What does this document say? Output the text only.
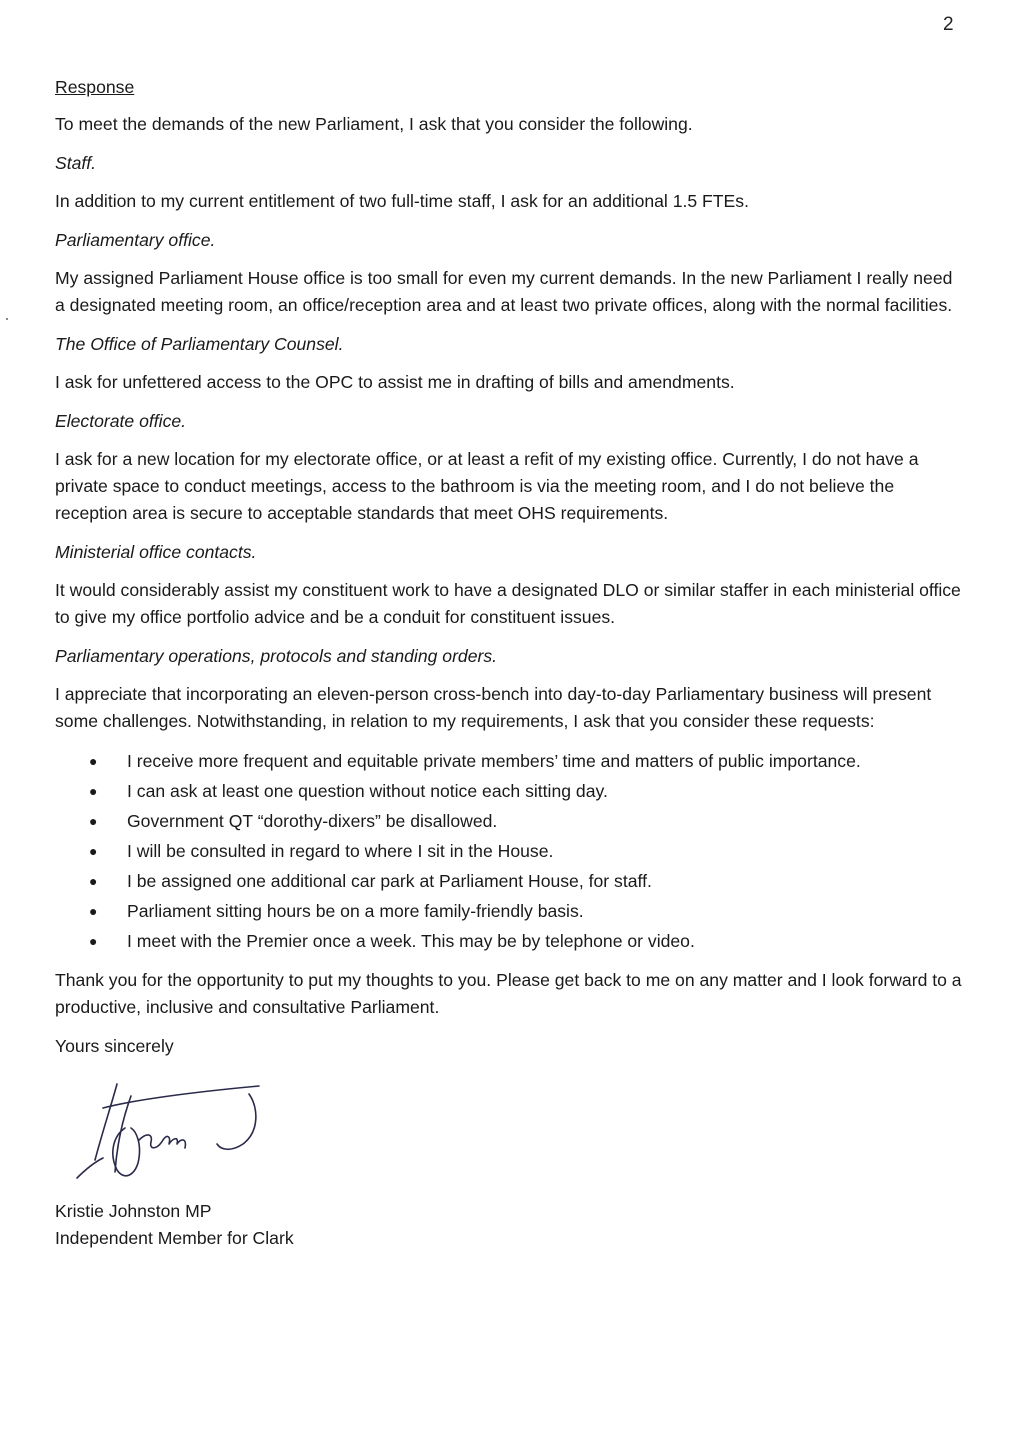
2

Response

To meet the demands of the new Parliament, I ask that you consider the following.

Staff.

In addition to my current entitlement of two full-time staff, I ask for an additional 1.5 FTEs.

Parliamentary office.

My assigned Parliament House office is too small for even my current demands. In the new Parliament I really need a designated meeting room, an office/reception area and at least two private offices, along with the normal facilities.

The Office of Parliamentary Counsel.

I ask for unfettered access to the OPC to assist me in drafting of bills and amendments.

Electorate office.

I ask for a new location for my electorate office, or at least a refit of my existing office. Currently, I do not have a private space to conduct meetings, access to the bathroom is via the meeting room, and I do not believe the reception area is secure to acceptable standards that meet OHS requirements.

Ministerial office contacts.

It would considerably assist my constituent work to have a designated DLO or similar staffer in each ministerial office to give my office portfolio advice and be a conduit for constituent issues.

Parliamentary operations, protocols and standing orders.

I appreciate that incorporating an eleven-person cross-bench into day-to-day Parliamentary business will present some challenges. Notwithstanding, in relation to my requirements, I ask that you consider these requests:

● I receive more frequent and equitable private members’ time and matters of public importance.
● I can ask at least one question without notice each sitting day.
● Government QT “dorothy-dixers” be disallowed.
● I will be consulted in regard to where I sit in the House.
● I be assigned one additional car park at Parliament House, for staff.
● Parliament sitting hours be on a more family-friendly basis.
● I meet with the Premier once a week. This may be by telephone or video.

Thank you for the opportunity to put my thoughts to you. Please get back to me on any matter and I look forward to a productive, inclusive and consultative Parliament.

Yours sincerely

Kristie Johnston MP

Independent Member for Clark
